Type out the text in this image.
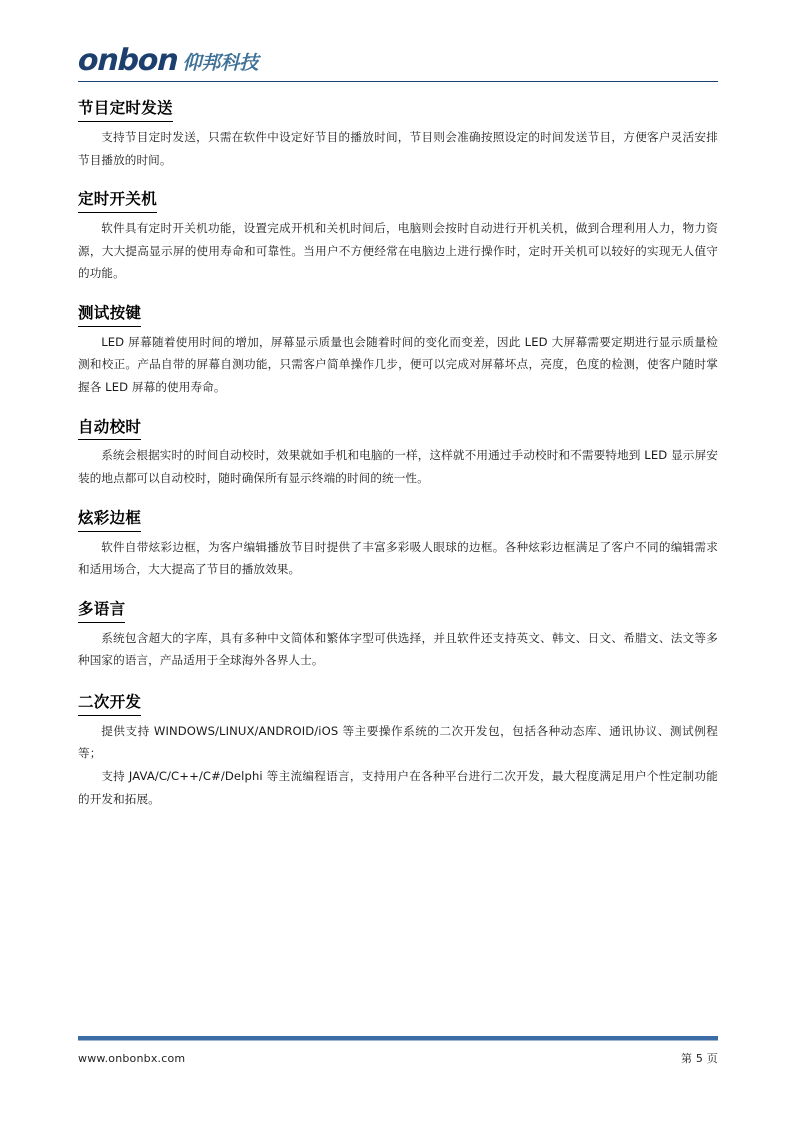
onbon 仰邦科技
节目定时发送

支持节目定时发送，只需在软件中设定好节目的播放时间，节目则会准确按照设定的时间发送节目，方便客户灵活安排节目播放的时间。

定时开关机

软件具有定时开关机功能，设置完成开机和关机时间后，电脑则会按时自动进行开机关机，做到合理利用人力，物力资源，大大提高显示屏的使用寿命和可靠性。当用户不方便经常在电脑边上进行操作时，定时开关机可以较好的实现无人值守的功能。

测试按键

LED 屏幕随着使用时间的增加，屏幕显示质量也会随着时间的变化而变差，因此 LED 大屏幕需要定期进行显示质量检测和校正。产品自带的屏幕自测功能，只需客户简单操作几步，便可以完成对屏幕坏点，亮度，色度的检测，使客户随时掌握各 LED 屏幕的使用寿命。

自动校时

系统会根据实时的时间自动校时，效果就如手机和电脑的一样，这样就不用通过手动校时和不需要特地到 LED 显示屏安装的地点都可以自动校时，随时确保所有显示终端的时间的统一性。

炫彩边框

软件自带炫彩边框，为客户编辑播放节目时提供了丰富多彩吸人眼球的边框。各种炫彩边框满足了客户不同的编辑需求和适用场合，大大提高了节目的播放效果。

多语言

系统包含超大的字库，具有多种中文简体和繁体字型可供选择，并且软件还支持英文、韩文、日文、希腊文、法文等多种国家的语言，产品适用于全球海外各界人士。

二次开发

提供支持 WINDOWS/LINUX/ANDROID/iOS 等主要操作系统的二次开发包，包括各种动态库、通讯协议、测试例程等；

支持 JAVA/C/C++/C#/Delphi 等主流编程语言，支持用户在各种平台进行二次开发，最大程度满足用户个性定制功能的开发和拓展。

www.onbonbx.com	第 5 页
